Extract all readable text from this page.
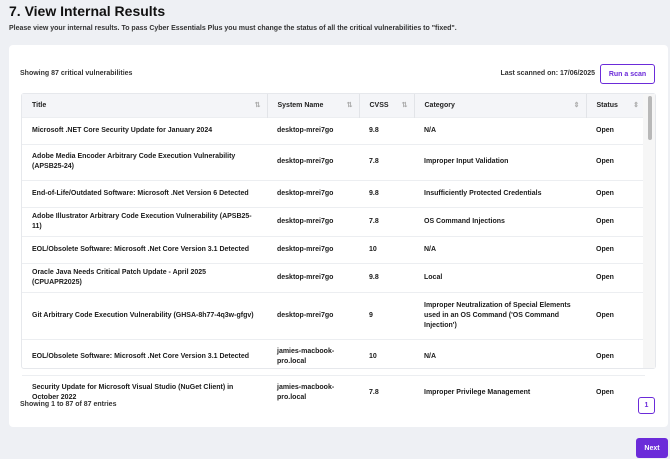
7. View Internal Results
Please view your internal results. To pass Cyber Essentials Plus you must change the status of all the critical vulnerabilities to "fixed".
Showing 87 critical vulnerabilities	Last scanned on: 17/06/2025	Run a scan
Title ⇅	System Name ⇅	CVSS ⇅	Category ⇕	Status ⇕

Microsoft .NET Core Security Update for January 2024	desktop-mrei7go	9.8	N/A	Open
Adobe Media Encoder Arbitrary Code Execution Vulnerability (APSB25-24)	desktop-mrei7go	7.8	Improper Input Validation	Open
End-of-Life/Outdated Software: Microsoft .Net Version 6 Detected	desktop-mrei7go	9.8	Insufficiently Protected Credentials	Open
Adobe Illustrator Arbitrary Code Execution Vulnerability (APSB25-11)	desktop-mrei7go	7.8	OS Command Injections	Open
EOL/Obsolete Software: Microsoft .Net Core Version 3.1 Detected	desktop-mrei7go	10	N/A	Open
Oracle Java Needs Critical Patch Update - April 2025 (CPUAPR2025)	desktop-mrei7go	9.8	Local	Open
Git Arbitrary Code Execution Vulnerability (GHSA-8h77-4q3w-gfgv)	desktop-mrei7go	9	Improper Neutralization of Special Elements used in an OS Command ('OS Command Injection')	Open
EOL/Obsolete Software: Microsoft .Net Core Version 3.1 Detected	jamies-macbook-pro.local	10	N/A	Open
Security Update for Microsoft Visual Studio (NuGet Client) in October 2022	jamies-macbook-pro.local	7.8	Improper Privilege Management	Open
Showing 1 to 87 of 87 entries	1
Next
